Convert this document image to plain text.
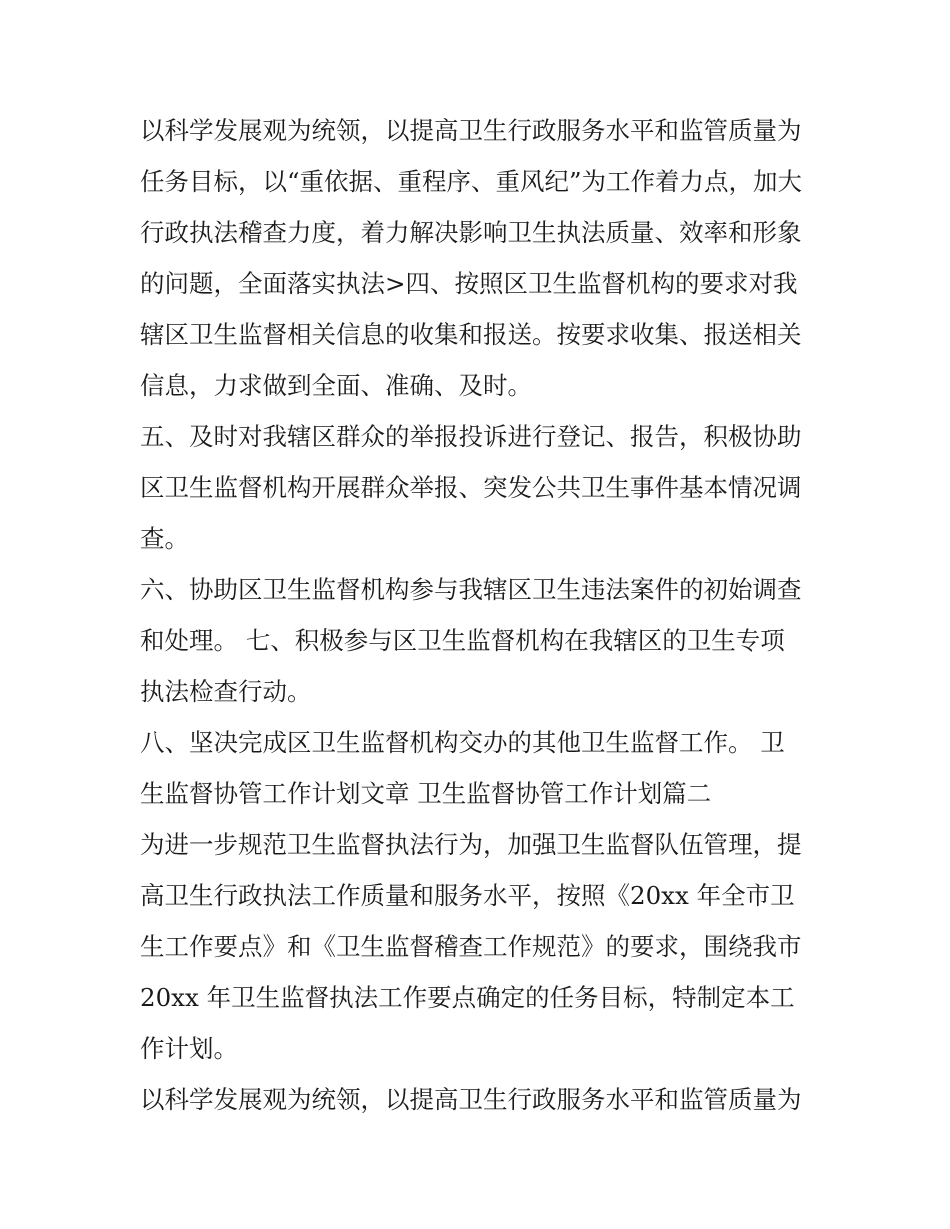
以科学发展观为统领，以提高卫生行政服务水平和监管质量为
任务目标，以“重依据、重程序、重风纪”为工作着力点，加大
行政执法稽查力度，着力解决影响卫生执法质量、效率和形象
的问题，全面落实执法>四、按照区卫生监督机构的要求对我
辖区卫生监督相关信息的收集和报送。按要求收集、报送相关
信息，力求做到全面、准确、及时。

五、及时对我辖区群众的举报投诉进行登记、报告，积极协助
区卫生监督机构开展群众举报、突发公共卫生事件基本情况调
查。

六、协助区卫生监督机构参与我辖区卫生违法案件的初始调查
和处理。 七、积极参与区卫生监督机构在我辖区的卫生专项
执法检查行动。

八、坚决完成区卫生监督机构交办的其他卫生监督工作。 卫
生监督协管工作计划文章 卫生监督协管工作计划篇二

为进一步规范卫生监督执法行为，加强卫生监督队伍管理，提
高卫生行政执法工作质量和服务水平，按照《20xx 年全市卫
生工作要点》和《卫生监督稽查工作规范》的要求，围绕我市
20xx 年卫生监督执法工作要点确定的任务目标，特制定本工
作计划。

以科学发展观为统领，以提高卫生行政服务水平和监管质量为
